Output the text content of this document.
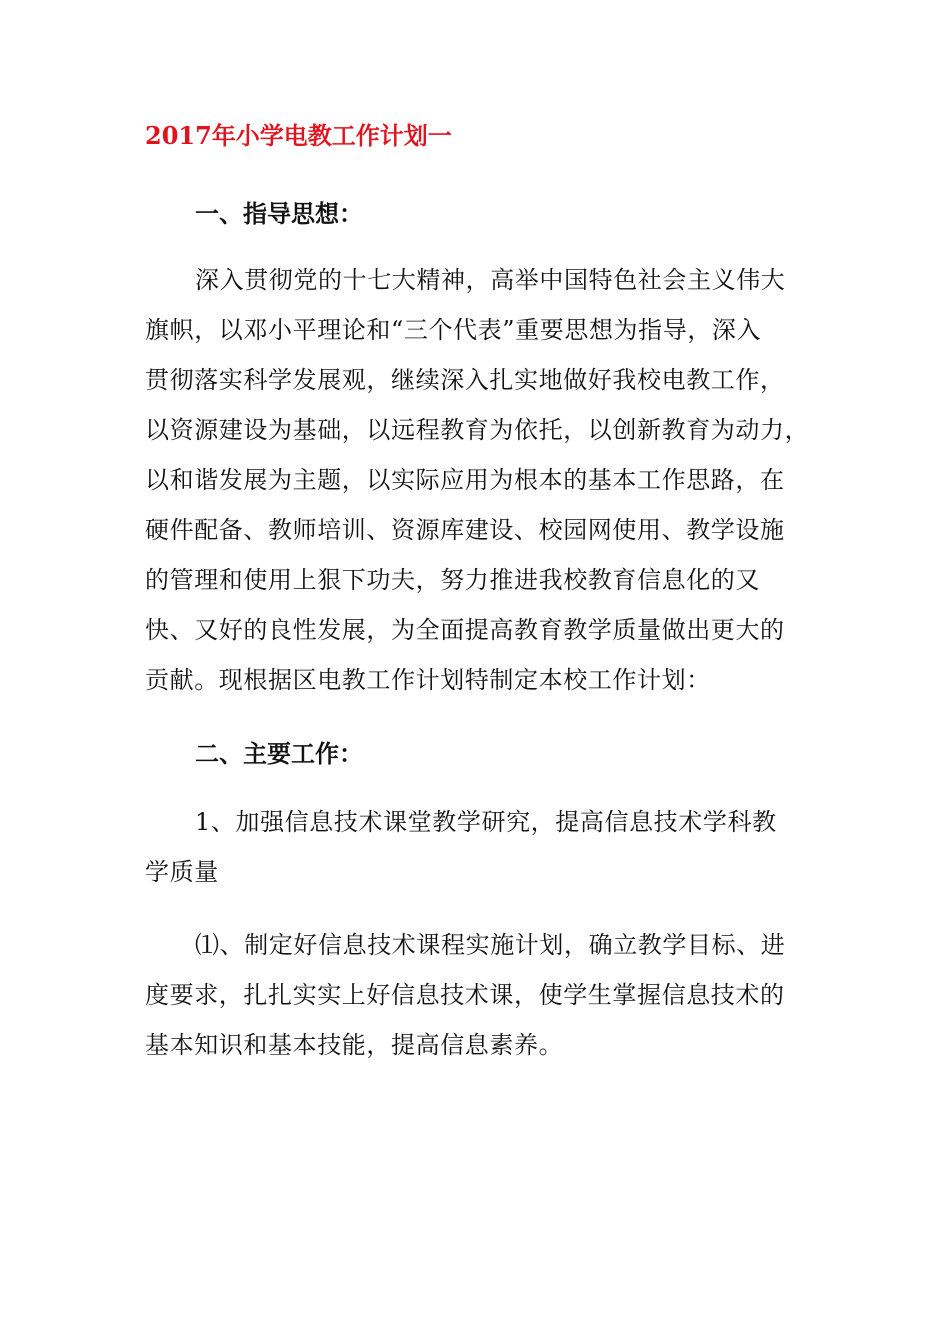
2017年小学电教工作计划一
一、指导思想：

深入贯彻党的十七大精神，高举中国特色社会主义伟大

旗帜，以邓小平理论和“三个代表”重要思想为指导，深入

贯彻落实科学发展观，继续深入扎实地做好我校电教工作，

以资源建设为基础，以远程教育为依托，以创新教育为动力，

以和谐发展为主题，以实际应用为根本的基本工作思路，在

硬件配备、教师培训、资源库建设、校园网使用、教学设施

的管理和使用上狠下功夫，努力推进我校教育信息化的又

快、又好的良性发展，为全面提高教育教学质量做出更大的

贡献。现根据区电教工作计划特制定本校工作计划：

二、主要工作：

1、加强信息技术课堂教学研究，提高信息技术学科教

学质量

⑴、制定好信息技术课程实施计划，确立教学目标、进

度要求，扎扎实实上好信息技术课，使学生掌握信息技术的

基本知识和基本技能，提高信息素养。
